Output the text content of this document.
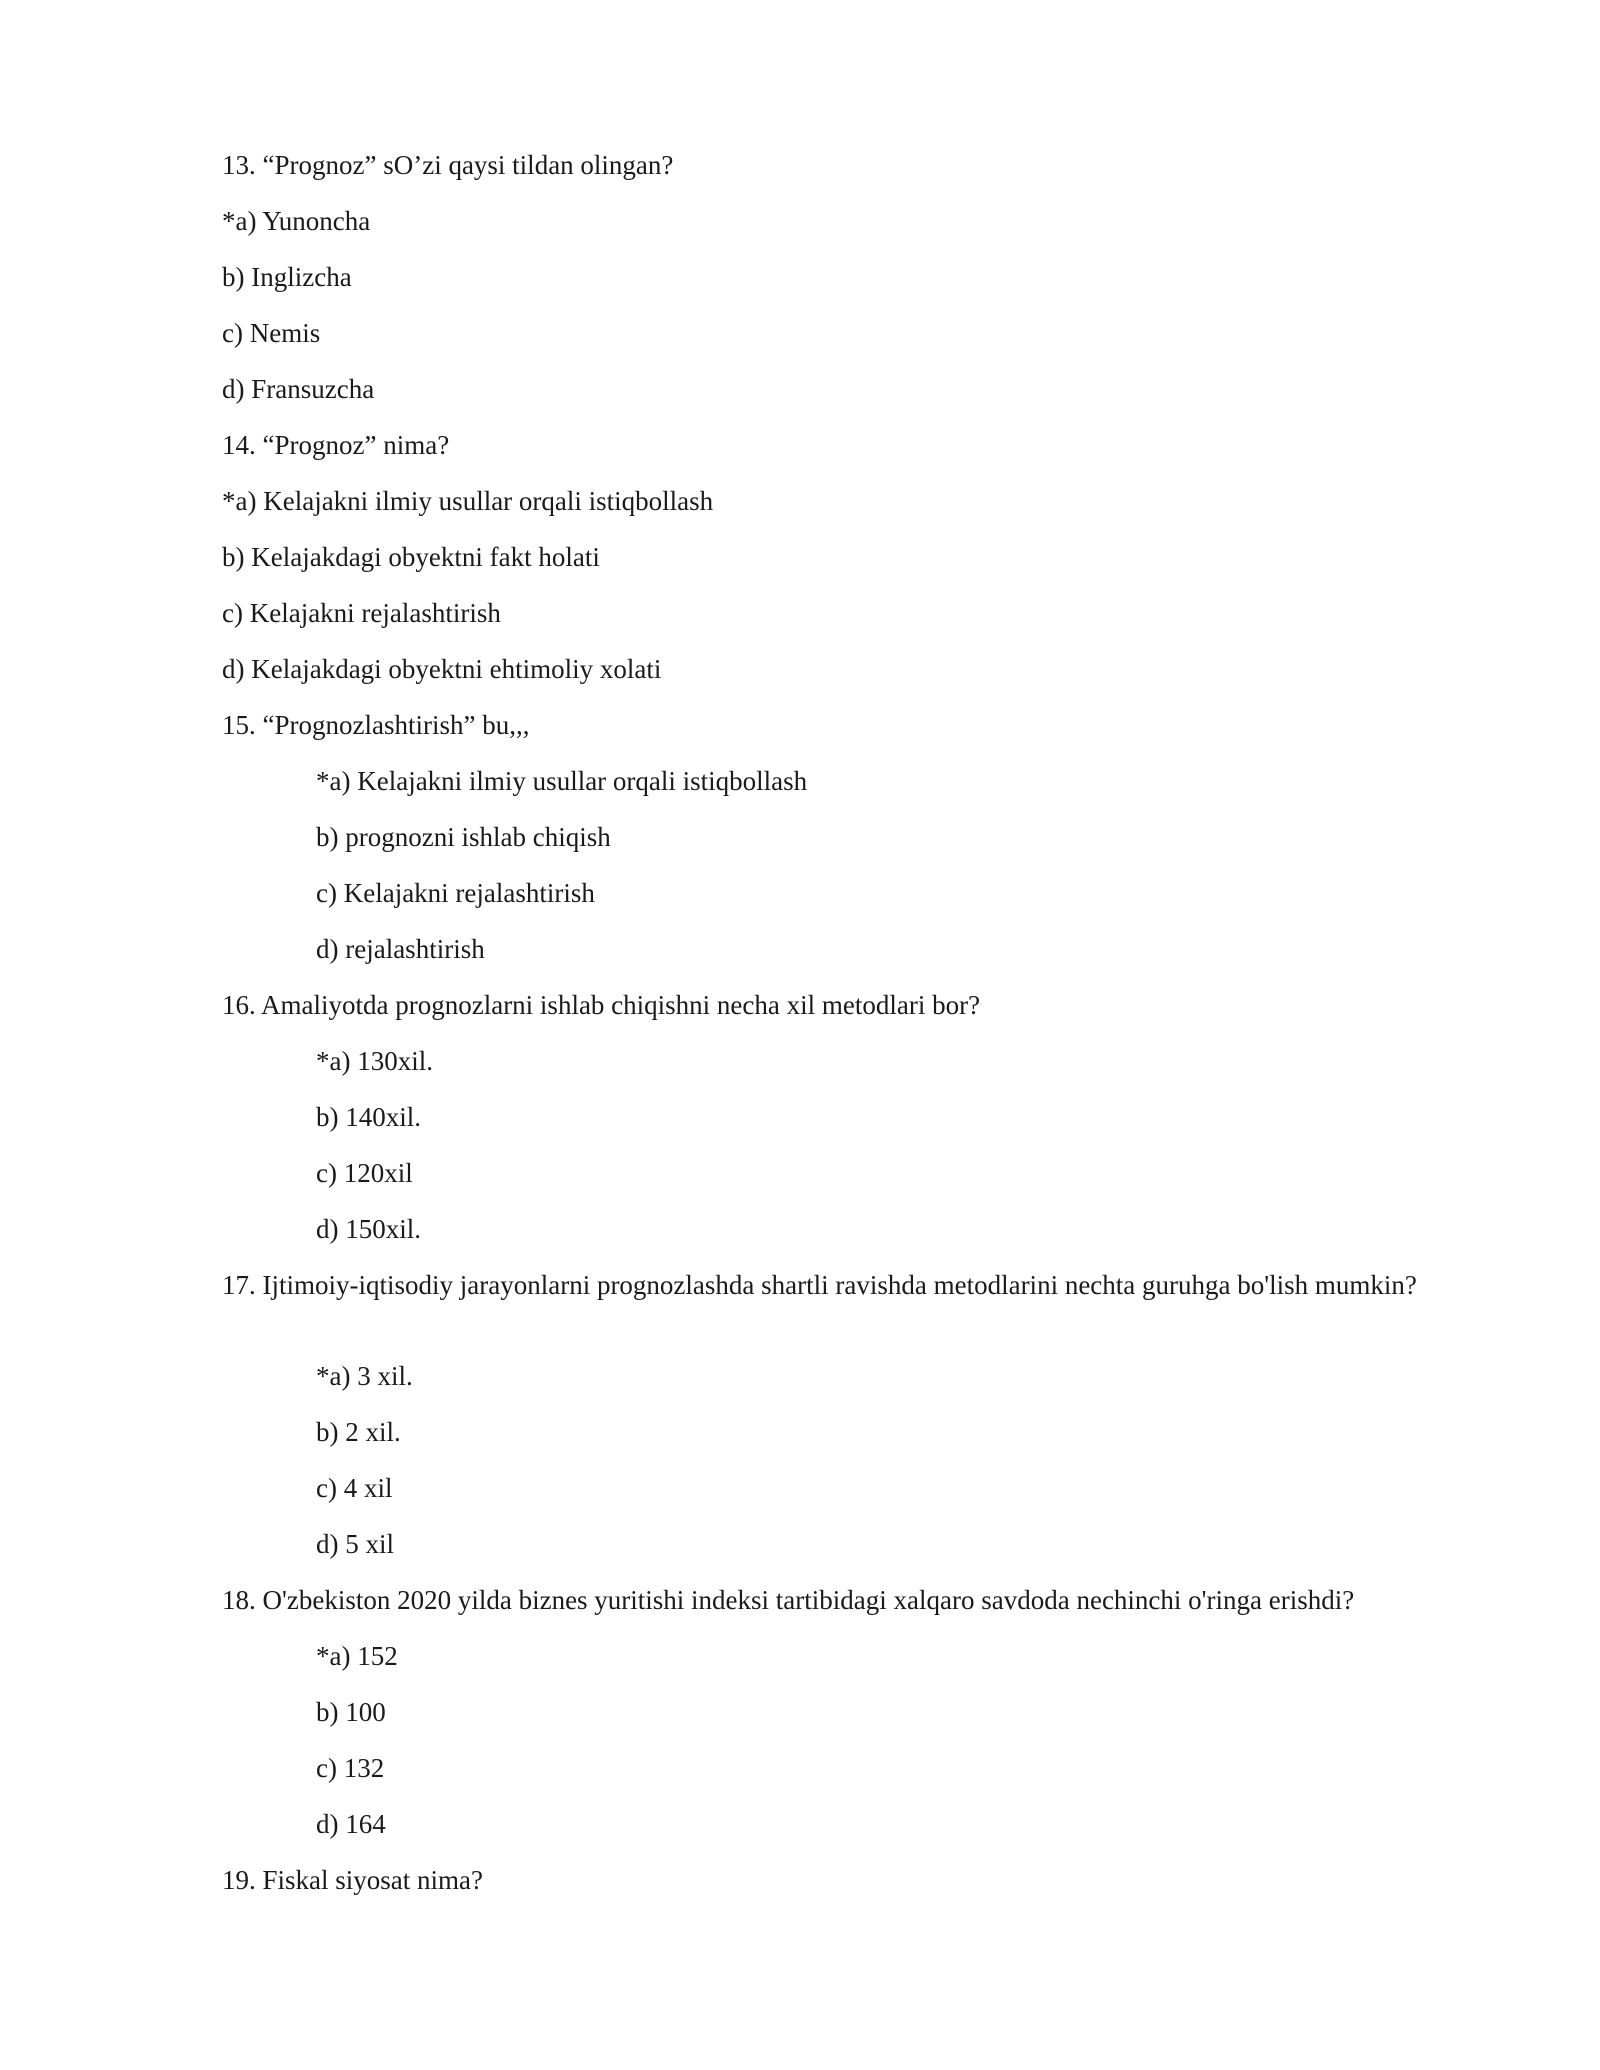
13. “Prognoz” sO’zi qaysi tildan olingan?
*a) Yunoncha
b) Inglizcha
c) Nemis
d) Fransuzcha
14. “Prognoz” nima?
*a) Kelajakni ilmiy usullar orqali istiqbollash
b) Kelajakdagi obyektni fakt holati
c) Kelajakni rejalashtirish
d) Kelajakdagi obyektni ehtimoliy xolati
15. “Prognozlashtirish” bu,,,
*a) Kelajakni ilmiy usullar orqali istiqbollash
b) prognozni ishlab chiqish
c) Kelajakni rejalashtirish
d) rejalashtirish
16. Amaliyotda prognozlarni ishlab chiqishni necha xil metodlari bor?
*a) 130xil.
b) 140xil.
c) 120xil
d) 150xil.
17. Ijtimoiy-iqtisodiy jarayonlarni prognozlashda shartli ravishda metodlarini nechta guruhga bo'lish mumkin?
*a) 3 xil.
b) 2 xil.
c) 4 xil
d) 5 xil
18. O'zbekiston 2020 yilda biznes yuritishi indeksi tartibidagi xalqaro savdoda nechinchi o'ringa erishdi?
*a) 152
b) 100
c) 132
d) 164
19. Fiskal siyosat nima?
